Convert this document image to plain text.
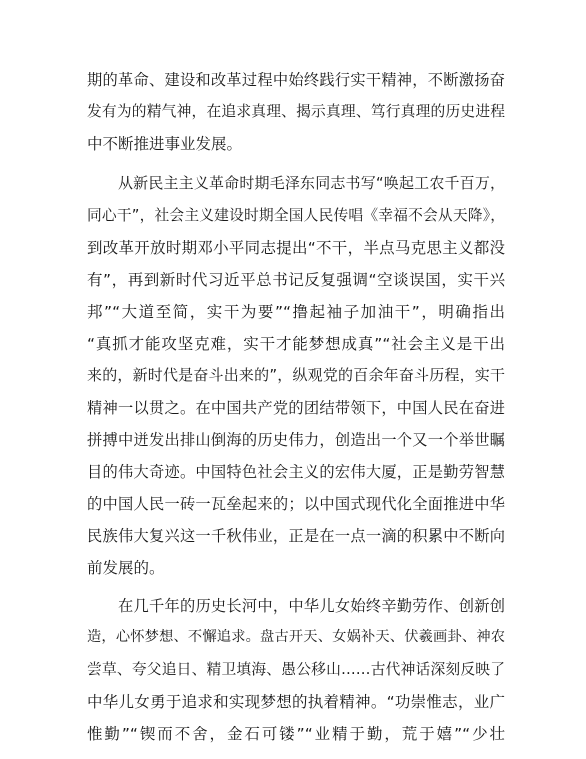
期的革命、建设和改革过程中始终践行实干精神，不断激扬奋
发有为的精气神，在追求真理、揭示真理、笃行真理的历史进程
中不断推进事业发展。
从新民主主义革命时期毛泽东同志书写“唤起工农千百万，
同心干”，社会主义建设时期全国人民传唱《幸福不会从天降》，
到改革开放时期邓小平同志提出“不干，半点马克思主义都没
有”，再到新时代习近平总书记反复强调“空谈误国，实干兴
邦”“大道至简，实干为要”“撸起袖子加油干”，明确指出
“真抓才能攻坚克难，实干才能梦想成真”“社会主义是干出
来的，新时代是奋斗出来的”，纵观党的百余年奋斗历程，实干
精神一以贯之。在中国共产党的团结带领下，中国人民在奋进
拼搏中迸发出排山倒海的历史伟力，创造出一个又一个举世瞩
目的伟大奇迹。中国特色社会主义的宏伟大厦，正是勤劳智慧
的中国人民一砖一瓦垒起来的；以中国式现代化全面推进中华
民族伟大复兴这一千秋伟业，正是在一点一滴的积累中不断向
前发展的。
在几千年的历史长河中，中华儿女始终辛勤劳作、创新创
造，心怀梦想、不懈追求。盘古开天、女娲补天、伏羲画卦、神农
尝草、夸父追日、精卫填海、愚公移山……古代神话深刻反映了
中华儿女勇于追求和实现梦想的执着精神。“功崇惟志，业广
惟勤”“锲而不舍，金石可镂”“业精于勤，荒于嬉”“少壮
